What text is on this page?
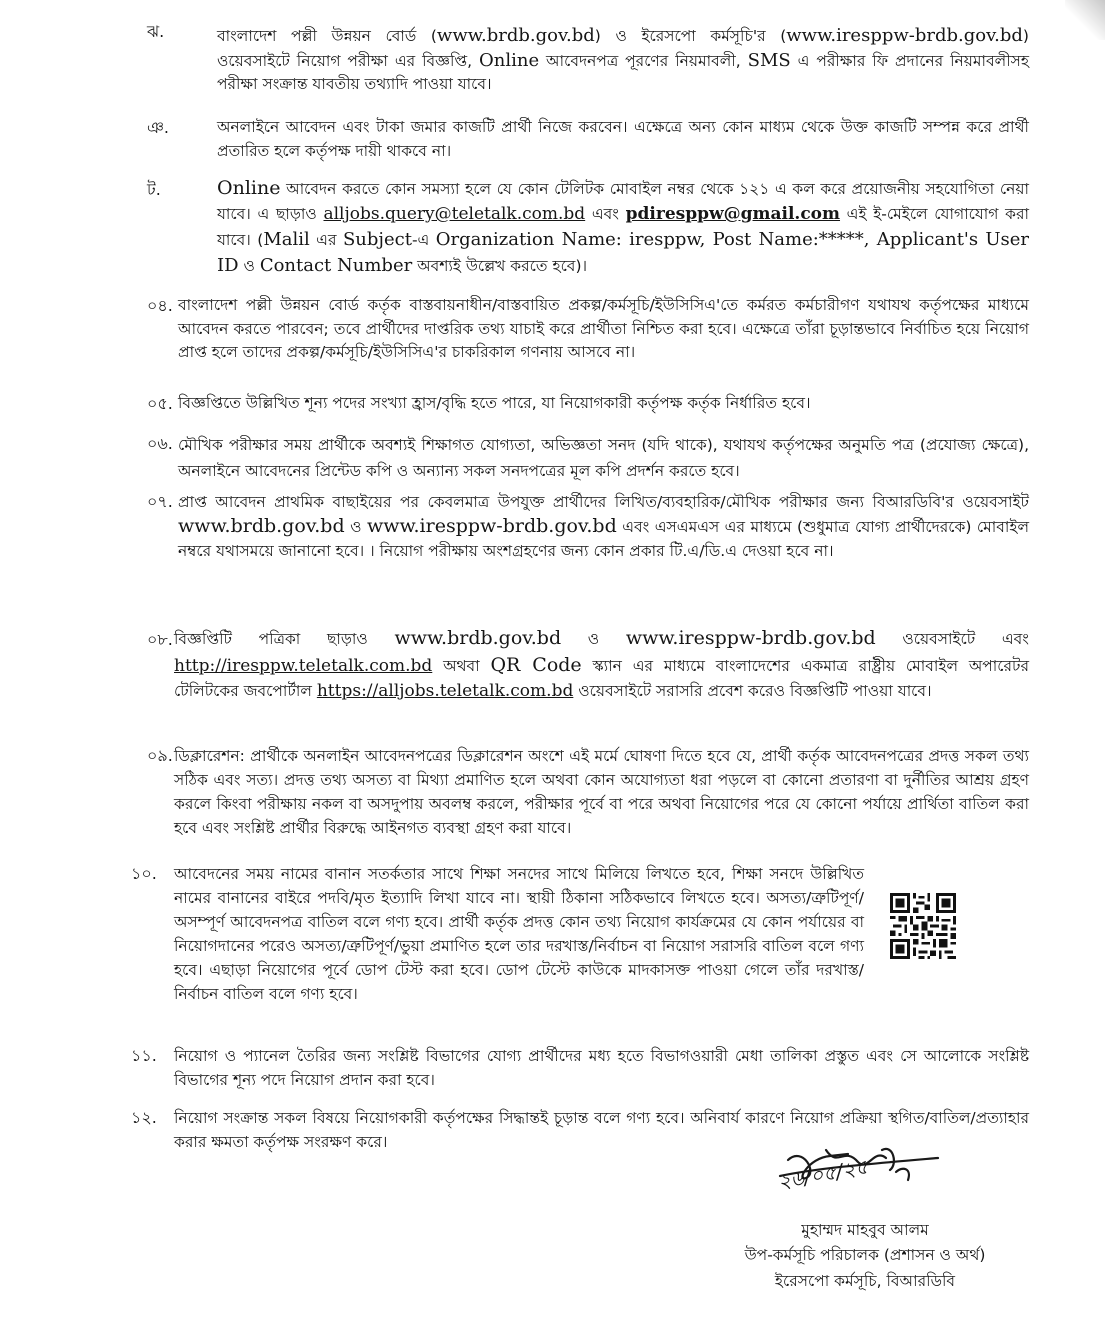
ঝ.	বাংলাদেশ পল্লী উন্নয়ন বোর্ড (www.brdb.gov.bd) ও ইরেসপো কর্মসূচি'র (www.iresppw-brdb.gov.bd) ওয়েবসাইটে নিয়োগ পরীক্ষা এর বিজ্ঞপ্তি, Online আবেদনপত্র পূরণের নিয়মাবলী, SMS এ পরীক্ষার ফি প্রদানের নিয়মাবলীসহ পরীক্ষা সংক্রান্ত যাবতীয় তথ্যাদি পাওয়া যাবে।
ঞ.	অনলাইনে আবেদন এবং টাকা জমার কাজটি প্রার্থী নিজে করবেন। এক্ষেত্রে অন্য কোন মাধ্যম থেকে উক্ত কাজটি সম্পন্ন করে প্রার্থী প্রতারিত হলে কর্তৃপক্ষ দায়ী থাকবে না।
ট.	Online আবেদন করতে কোন সমস্যা হলে যে কোন টেলিটক মোবাইল নম্বর থেকে ১২১ এ কল করে প্রয়োজনীয় সহযোগিতা নেয়া যাবে। এ ছাড়াও alljobs.query@teletalk.com.bd এবং pdiresppw@gmail.com এই ই-মেইলে যোগাযোগ করা যাবে। (Malil এর Subject-এ Organization Name: iresppw, Post Name:*****, Applicant's User ID ও Contact Number অবশ্যই উল্লেখ করতে হবে)।
০৪. বাংলাদেশ পল্লী উন্নয়ন বোর্ড কর্তৃক বাস্তবায়নাধীন/বাস্তবায়িত প্রকল্প/কর্মসূচি/ইউসিসিএ'তে কর্মরত কর্মচারীগণ যথাযথ কর্তৃপক্ষের মাধ্যমে আবেদন করতে পারবেন; তবে প্রার্থীদের দাপ্তরিক তথ্য যাচাই করে প্রার্থীতা নিশ্চিত করা হবে। এক্ষেত্রে তাঁরা চূড়ান্তভাবে নির্বাচিত হয়ে নিয়োগ প্রাপ্ত হলে তাদের প্রকল্প/কর্মসূচি/ইউসিসিএ'র চাকরিকাল গণনায় আসবে না।
০৫. বিজ্ঞপ্তিতে উল্লিখিত শূন্য পদের সংখ্যা হ্রাস/বৃদ্ধি হতে পারে, যা নিয়োগকারী কর্তৃপক্ষ কর্তৃক নির্ধারিত হবে।
০৬. মৌখিক পরীক্ষার সময় প্রার্থীকে অবশ্যই শিক্ষাগত যোগ্যতা, অভিজ্ঞতা সনদ (যদি থাকে), যথাযথ কর্তৃপক্ষের অনুমতি পত্র (প্রযোজ্য ক্ষেত্রে), অনলাইনে আবেদনের প্রিন্টেড কপি ও অন্যান্য সকল সনদপত্রের মূল কপি প্রদর্শন করতে হবে।
০৭. প্রাপ্ত আবেদন প্রাথমিক বাছাইয়ের পর কেবলমাত্র উপযুক্ত প্রার্থীদের লিখিত/ব্যবহারিক/মৌখিক পরীক্ষার জন্য বিআরডিবি'র ওয়েবসাইট www.brdb.gov.bd ও www.iresppw-brdb.gov.bd এবং এসএমএস এর মাধ্যমে (শুধুমাত্র যোগ্য প্রার্থীদেরকে) মোবাইল নম্বরে যথাসময়ে জানানো হবে। । নিয়োগ পরীক্ষায় অংশগ্রহণের জন্য কোন প্রকার টি.এ/ডি.এ দেওয়া হবে না।
০৮. বিজ্ঞপ্তিটি পত্রিকা ছাড়াও www.brdb.gov.bd ও www.iresppw-brdb.gov.bd ওয়েবসাইটে এবং http://iresppw.teletalk.com.bd অথবা QR Code স্ক্যান এর মাধ্যমে বাংলাদেশের একমাত্র রাষ্ট্রীয় মোবাইল অপারেটর টেলিটকের জবপোর্টাল https://alljobs.teletalk.com.bd ওয়েবসাইটে সরাসরি প্রবেশ করেও বিজ্ঞপ্তিটি পাওয়া যাবে।
০৯. ডিক্লারেশন: প্রার্থীকে অনলাইন আবেদনপত্রের ডিক্লারেশন অংশে এই মর্মে ঘোষণা দিতে হবে যে, প্রার্থী কর্তৃক আবেদনপত্রের প্রদত্ত সকল তথ্য সঠিক এবং সত্য। প্রদত্ত তথ্য অসত্য বা মিথ্যা প্রমাণিত হলে অথবা কোন অযোগ্যতা ধরা পড়লে বা কোনো প্রতারণা বা দুর্নীতির আশ্রয় গ্রহণ করলে কিংবা পরীক্ষায় নকল বা অসদুপায় অবলম্ব করলে, পরীক্ষার পূর্বে বা পরে অথবা নিয়োগের পরে যে কোনো পর্যায়ে প্রার্থিতা বাতিল করা হবে এবং সংশ্লিষ্ট প্রার্থীর বিরুদ্ধে আইনগত ব্যবস্থা গ্রহণ করা যাবে।
১০. আবেদনের সময় নামের বানান সতর্কতার সাথে শিক্ষা সনদের সাথে মিলিয়ে লিখতে হবে, শিক্ষা সনদে উল্লিখিত নামের বানানের বাইরে পদবি/মৃত ইত্যাদি লিখা যাবে না। স্থায়ী ঠিকানা সঠিকভাবে লিখতে হবে। অসত্য/ত্রুটিপূর্ণ/অসম্পূর্ণ আবেদনপত্র বাতিল বলে গণ্য হবে। প্রার্থী কর্তৃক প্রদত্ত কোন তথ্য নিয়োগ কার্যক্রমের যে কোন পর্যায়ের বা নিয়োগদানের পরেও অসত্য/ত্রুটিপূর্ণ/ভুয়া প্রমাণিত হলে তার দরখাস্ত/নির্বাচন বা নিয়োগ সরাসরি বাতিল বলে গণ্য হবে। এছাড়া নিয়োগের পূর্বে ডোপ টেস্ট করা হবে। ডোপ টেস্টে কাউকে মাদকাসক্ত পাওয়া গেলে তাঁর দরখাস্ত/নির্বাচন বাতিল বলে গণ্য হবে।
১১. নিয়োগ ও প্যানেল তৈরির জন্য সংশ্লিষ্ট বিভাগের যোগ্য প্রার্থীদের মধ্য হতে বিভাগওয়ারী মেধা তালিকা প্রস্তুত এবং সে আলোকে সংশ্লিষ্ট বিভাগের শূন্য পদে নিয়োগ প্রদান করা হবে।
১২. নিয়োগ সংক্রান্ত সকল বিষয়ে নিয়োগকারী কর্তৃপক্ষের সিদ্ধান্তই চূড়ান্ত বলে গণ্য হবে। অনিবার্য কারণে নিয়োগ প্রক্রিয়া স্থগিত/বাতিল/প্রত্যাহার করার ক্ষমতা কর্তৃপক্ষ সংরক্ষণ করে।
২৬/০৫/২৫
মুহাম্মদ মাহবুব আলম
উপ-কর্মসূচি পরিচালক (প্রশাসন ও অর্থ)
ইরেসপো কর্মসূচি, বিআরডিবি
